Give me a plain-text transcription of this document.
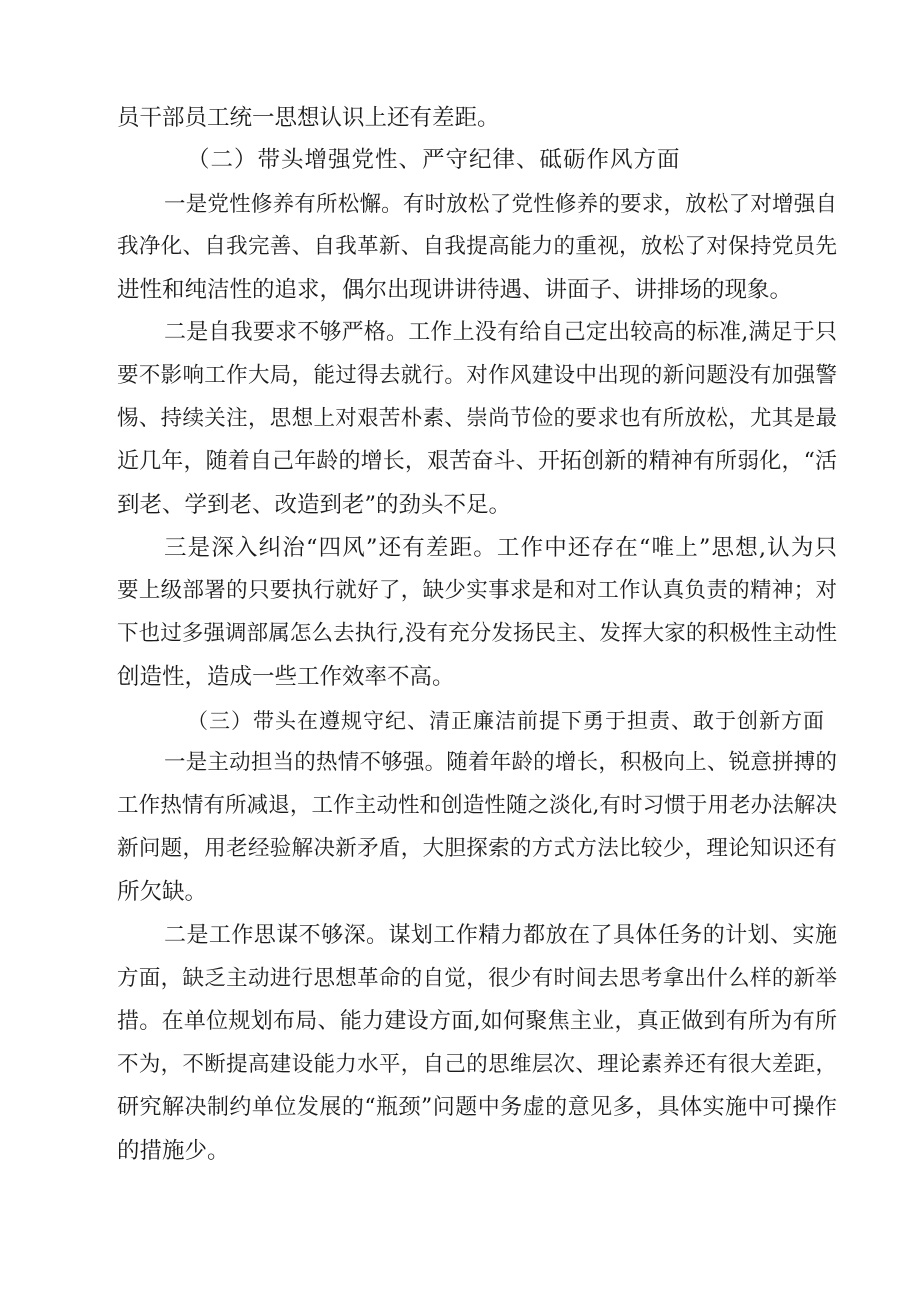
员干部员工统一思想认识上还有差距。
（二）带头增强党性、严守纪律、砥砺作风方面
一是党性修养有所松懈。有时放松了党性修养的要求，放松了对增强自
我净化、自我完善、自我革新、自我提高能力的重视，放松了对保持党员先
进性和纯洁性的追求，偶尔出现讲讲待遇、讲面子、讲排场的现象。
二是自我要求不够严格。工作上没有给自己定出较高的标准,满足于只
要不影响工作大局，能过得去就行。对作风建设中出现的新问题没有加强警
惕、持续关注，思想上对艰苦朴素、崇尚节俭的要求也有所放松，尤其是最
近几年，随着自己年龄的增长，艰苦奋斗、开拓创新的精神有所弱化，“活
到老、学到老、改造到老”的劲头不足。
三是深入纠治“四风”还有差距。工作中还存在“唯上”思想,认为只
要上级部署的只要执行就好了，缺少实事求是和对工作认真负责的精神；对
下也过多强调部属怎么去执行,没有充分发扬民主、发挥大家的积极性主动性
创造性，造成一些工作效率不高。
（三）带头在遵规守纪、清正廉洁前提下勇于担责、敢于创新方面
一是主动担当的热情不够强。随着年龄的增长，积极向上、锐意拼搏的
工作热情有所减退，工作主动性和创造性随之淡化,有时习惯于用老办法解决
新问题，用老经验解决新矛盾，大胆探索的方式方法比较少，理论知识还有
所欠缺。
二是工作思谋不够深。谋划工作精力都放在了具体任务的计划、实施
方面，缺乏主动进行思想革命的自觉，很少有时间去思考拿出什么样的新举
措。在单位规划布局、能力建设方面,如何聚焦主业，真正做到有所为有所
不为，不断提高建设能力水平，自己的思维层次、理论素养还有很大差距，
研究解决制约单位发展的“瓶颈”问题中务虚的意见多，具体实施中可操作
的措施少。
